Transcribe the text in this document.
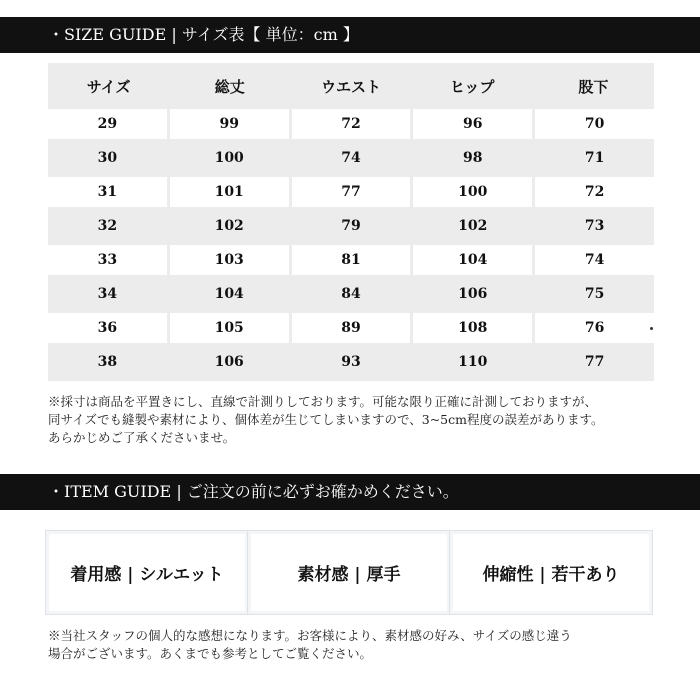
・SIZE GUIDE | サイズ表【 単位：cm 】
サイズ	総丈	ウエスト	ヒップ	股下
29	99	72	96	70
30	100	74	98	71
31	101	77	100	72
32	102	79	102	73
33	103	81	104	74
34	104	84	106	75
36	105	89	108	76
38	106	93	110	77

※採寸は商品を平置きにし、直線で計測りしております。可能な限り正確に計測しておりますが、

同サイズでも縫製や素材により、個体差が生じてしまいますので、3~5cm程度の誤差があります。

あらかじめご了承くださいませ。

・ITEM GUIDE | ご注文の前に必ずお確かめください。
着用感 | シルエット	素材感 | 厚手	伸縮性 | 若干あり

※当社スタッフの個人的な感想になります。お客様により、素材感の好み、サイズの感じ違う

場合がございます。あくまでも参考としてご覧ください。
